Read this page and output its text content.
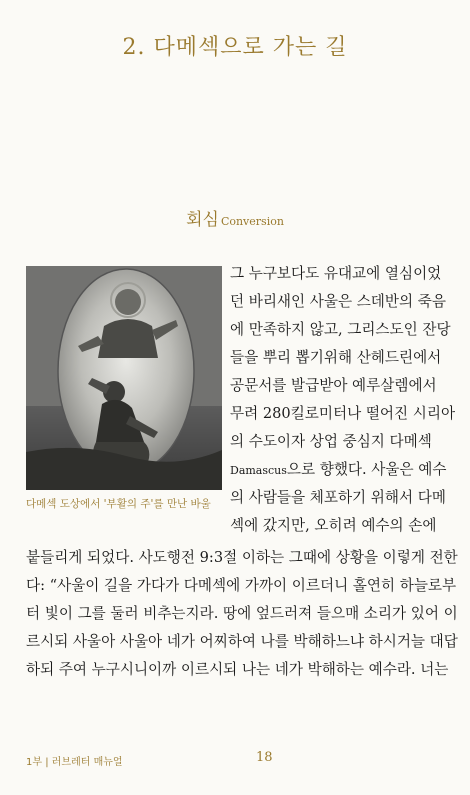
2. 다메섹으로 가는 길
회심 Conversion
다메섹 도상에서 '부활의 주'를 만난 바울
그 누구보다도 유대교에 열심이었
던 바리새인 사울은 스데반의 죽음
에 만족하지 않고, 그리스도인 잔당
들을 뿌리 뽑기위해 산헤드린에서
공문서를 발급받아 예루살렘에서
무려 280킬로미터나 떨어진 시리아
의 수도이자 상업 중심지 다메섹
Damascus으로 향했다. 사울은 예수
의 사람들을 체포하기 위해서 다메
섹에 갔지만, 오히려 예수의 손에
붙들리게 되었다. 사도행전 9:3절 이하는 그때에 상황을 이렇게 전한
다: “사울이 길을 가다가 다메섹에 가까이 이르더니 홀연히 하늘로부
터 빛이 그를 둘러 비추는지라. 땅에 엎드러져 들으매 소리가 있어 이
르시되 사울아 사울아 네가 어찌하여 나를 박해하느냐 하시거늘 대답
하되 주여 누구시니이까 이르시되 나는 네가 박해하는 예수라. 너는
1부 | 러브레터 매뉴얼	18
